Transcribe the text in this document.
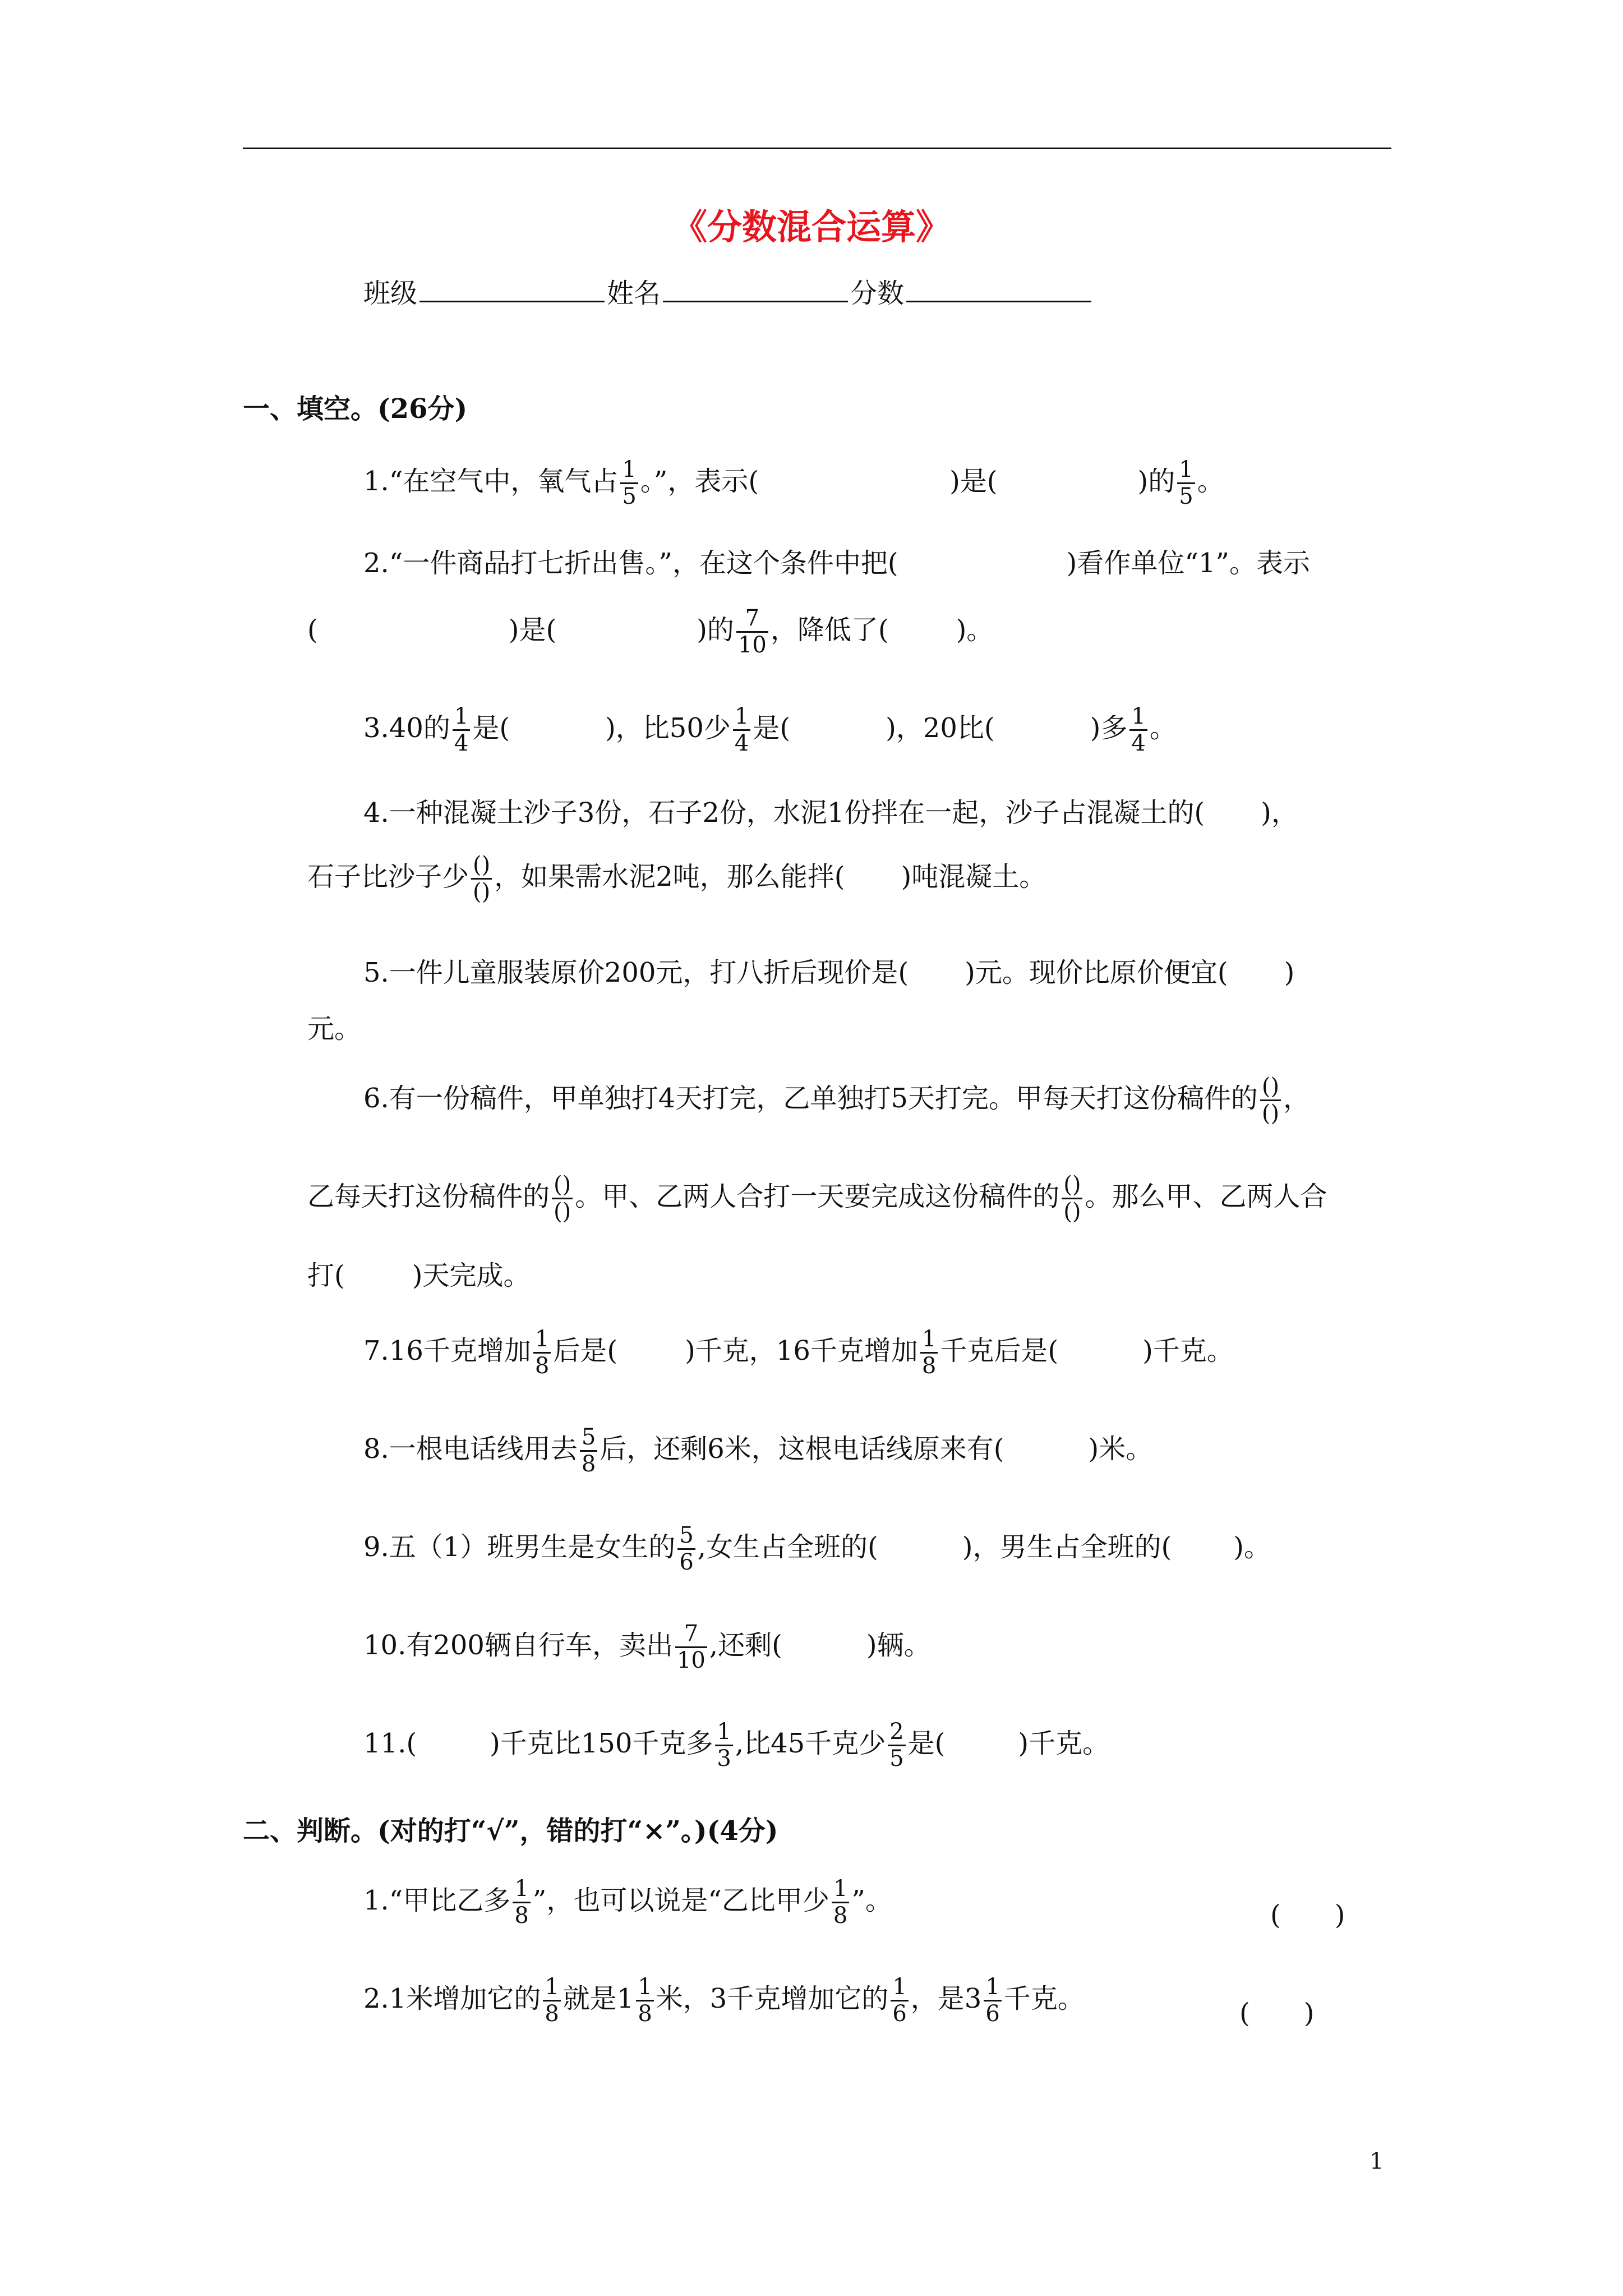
《分数混合运算》
班级	姓名	分数
一、填空。(26分)
1.“在空气中，氧气占 $\frac{1}{5}$ 。”，表示(	)是(	)的 $\frac{1}{5}$ 。
2.“一件商品打七折出售。”，在这个条件中把(	)看作单位“1”。表示
(	)是(	)的 $\frac{7}{10}$ ，降低了(	)。
3.40的 $\frac{1}{4}$ 是(	)，比50少 $\frac{1}{4}$ 是(	)，20比(	)多 $\frac{1}{4}$ 。
4.一种混凝土沙子3份，石子2份，水泥1份拌在一起，沙子占混凝土的( )，
石子比沙子少 $\frac{()}{()}$ ，如果需水泥2吨，那么能拌( )吨混凝土。
5.一件儿童服装原价200元，打八折后现价是( )元。现价比原价便宜( )
元。
6.有一份稿件，甲单独打4天打完，乙单独打5天打完。甲每天打这份稿件的 $\frac{()}{()}$ ，
乙每天打这份稿件的 $\frac{()}{()}$ 。甲、乙两人合打一天要完成这份稿件的 $\frac{()}{()}$ 。那么甲、乙两人合
打(	)天完成。
7.16千克增加 $\frac{1}{8}$ 后是(	)千克，16千克增加 $\frac{1}{8}$ 千克后是(	)千克。
8.一根电话线用去 $\frac{5}{8}$ 后，还剩6米，这根电话线原来有(	)米。
9.五（1）班男生是女生的 $\frac{5}{6}$ ,女生占全班的(	)，男生占全班的( )。
10.有200辆自行车，卖出 $\frac{7}{10}$ ,还剩(	)辆。
11.(	)千克比150千克多 $\frac{1}{3}$ ,比45千克少 $\frac{2}{5}$ 是(	)千克。
二、判断。(对的打“√”，错的打“×”。)(4分)
1.“甲比乙多 $\frac{1}{8}$ ”，也可以说是“乙比甲少 $\frac{1}{8}$ ”。	(　　)
2.1米增加它的 $\frac{1}{8}$ 就是$1 \frac{1}{8}$ 米，3千克增加它的 $\frac{1}{6}$ ，是$3 \frac{1}{6}$ 千克。	(　　)
1
